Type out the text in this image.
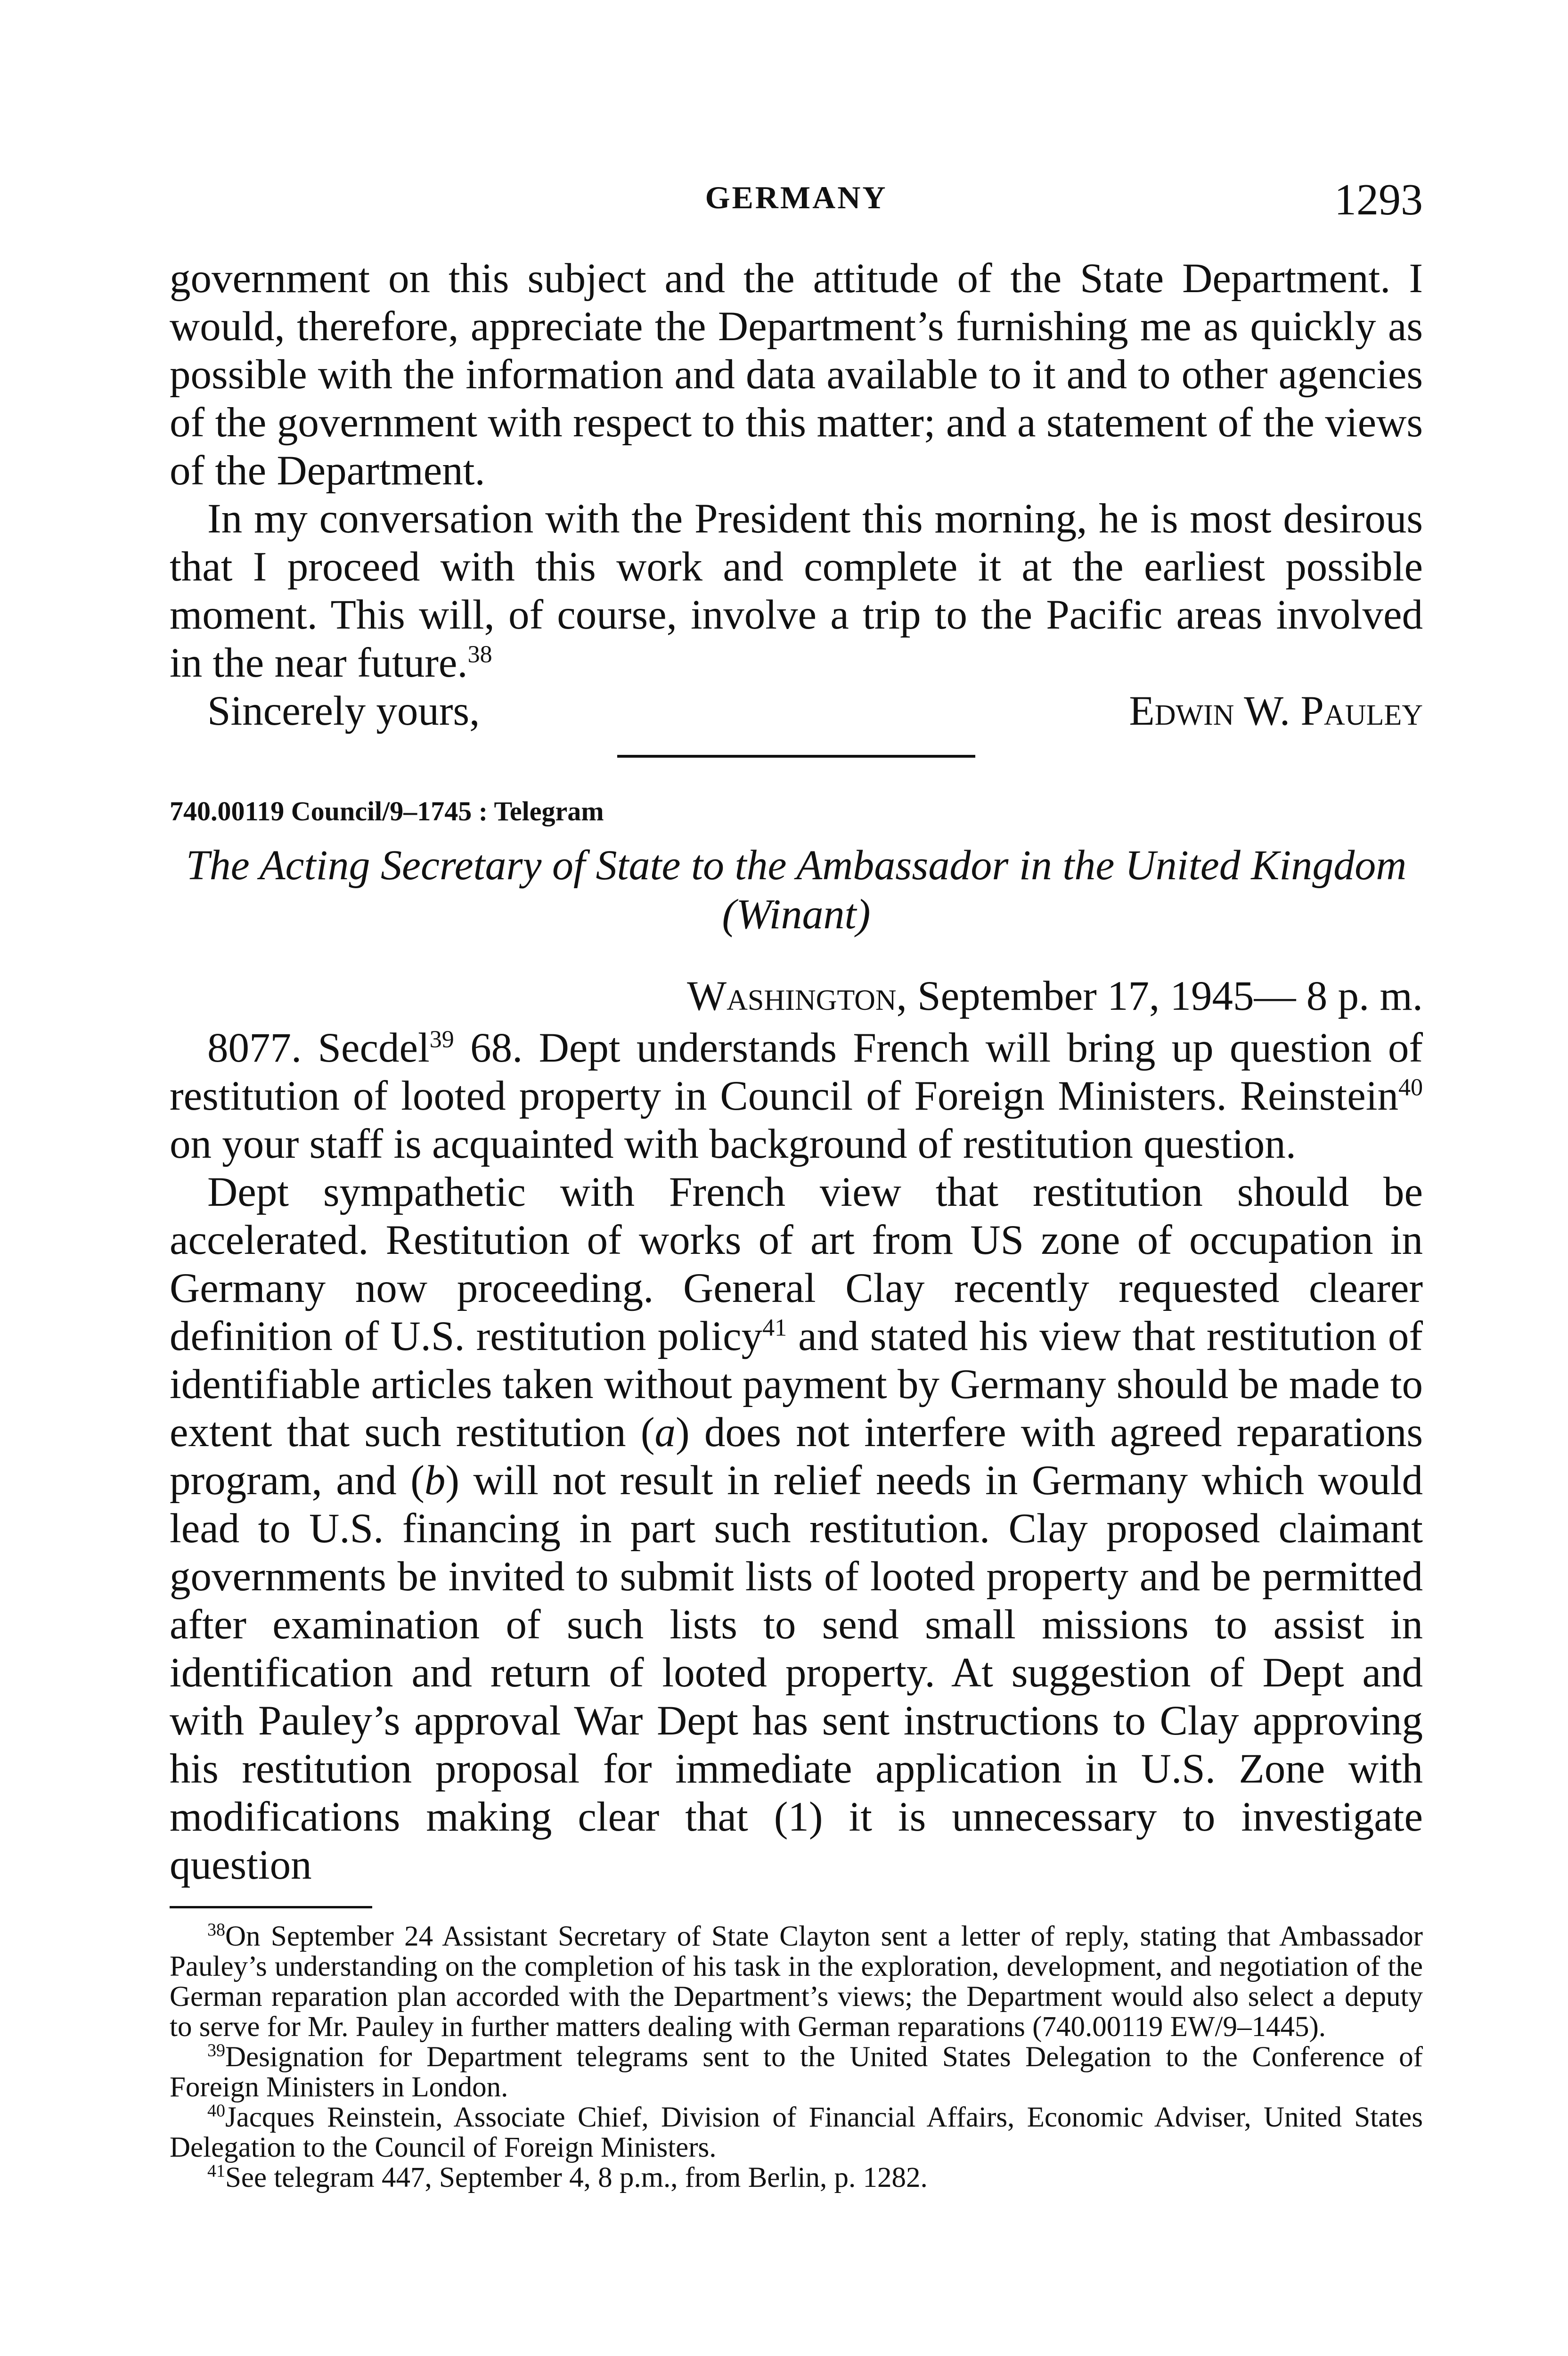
GERMANY	1293

government on this subject and the attitude of the State Department. I would, therefore, appreciate the Department’s furnishing me as quickly as possible with the information and data available to it and to other agencies of the government with respect to this matter; and a statement of the views of the Department.

In my conversation with the President this morning, he is most desirous that I proceed with this work and complete it at the earliest possible moment. This will, of course, involve a trip to the Pacific areas involved in the near future.$^{38}$

Sincerely yours,	Edwin W. Pauley

740.00119 Council/9–1745 : Telegram

The Acting Secretary of State to the Ambassador in the United Kingdom (Winant)

Washington, September 17, 1945— 8 p. m.

8077. Secdel$^{39}$ 68. Dept understands French will bring up question of restitution of looted property in Council of Foreign Ministers. Reinstein$^{40}$ on your staff is acquainted with background of restitution question.

Dept sympathetic with French view that restitution should be accelerated. Restitution of works of art from US zone of occupation in Germany now proceeding. General Clay recently requested clearer definition of U.S. restitution policy$^{41}$ and stated his view that restitution of identifiable articles taken without payment by Germany should be made to extent that such restitution (a) does not interfere with agreed reparations program, and (b) will not result in relief needs in Germany which would lead to U.S. financing in part such restitution. Clay proposed claimant governments be invited to submit lists of looted property and be permitted after examination of such lists to send small missions to assist in identification and return of looted property. At suggestion of Dept and with Pauley’s approval War Dept has sent instructions to Clay approving his restitution proposal for immediate application in U.S. Zone with modifications making clear that (1) it is unnecessary to investigate question

$^{38}$On September 24 Assistant Secretary of State Clayton sent a letter of reply, stating that Ambassador Pauley’s understanding on the completion of his task in the exploration, development, and negotiation of the German reparation plan accorded with the Department’s views; the Department would also select a deputy to serve for Mr. Pauley in further matters dealing with German reparations (740.00119 EW/9–1445).

$^{39}$Designation for Department telegrams sent to the United States Delegation to the Conference of Foreign Ministers in London.

$^{40}$Jacques Reinstein, Associate Chief, Division of Financial Affairs, Economic Adviser, United States Delegation to the Council of Foreign Ministers.

$^{41}$See telegram 447, September 4, 8 p.m., from Berlin, p. 1282.
